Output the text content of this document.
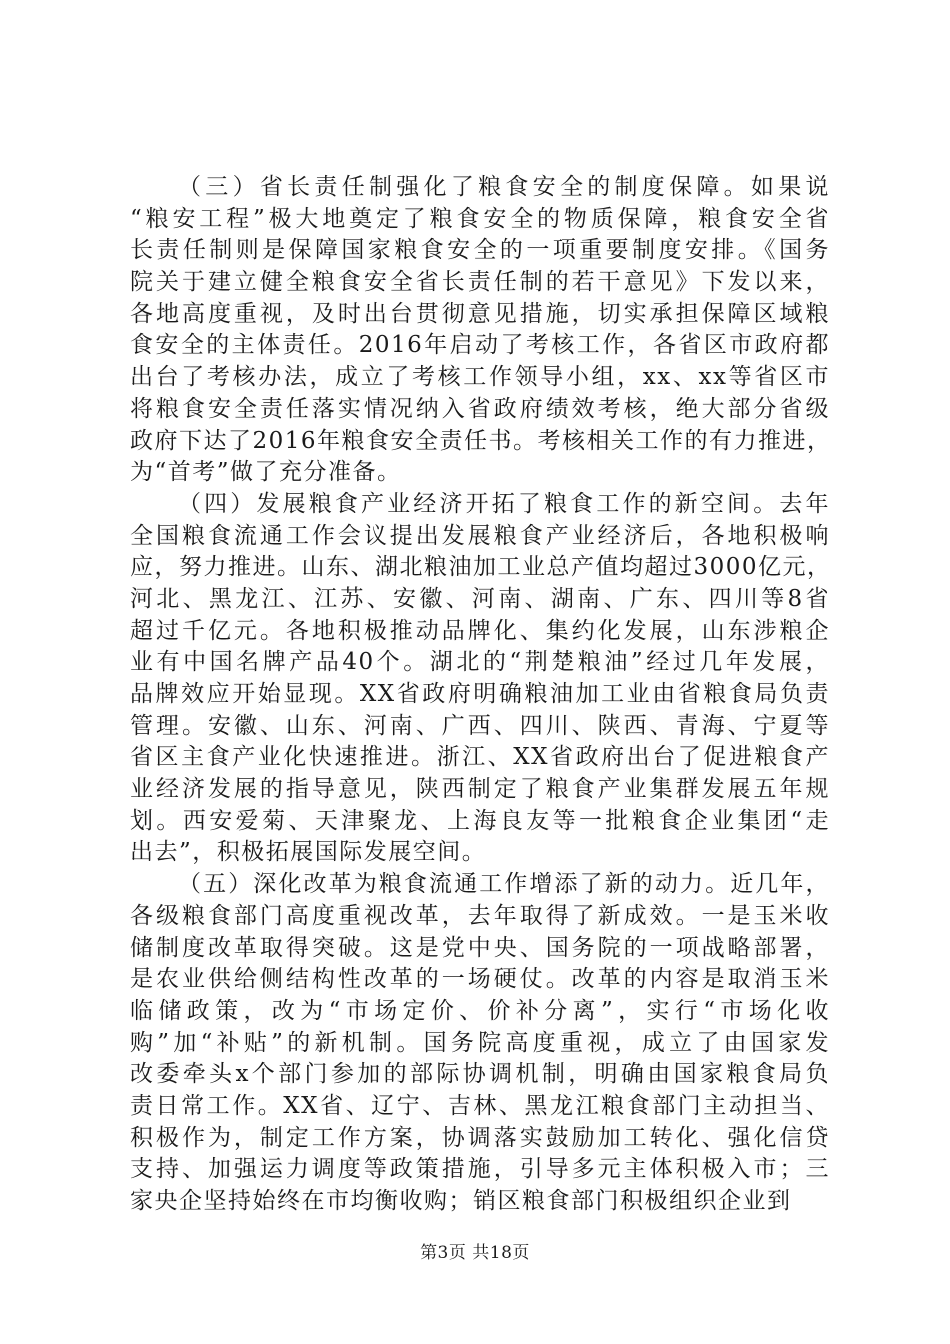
（三）省长责任制强化了粮食安全的制度保障。如果说
“粮安工程”极大地奠定了粮食安全的物质保障，粮食安全省
长责任制则是保障国家粮食安全的一项重要制度安排。《国务
院关于建立健全粮食安全省长责任制的若干意见》下发以来，
各地高度重视，及时出台贯彻意见措施，切实承担保障区域粮
食安全的主体责任。2016年启动了考核工作，各省区市政府都
出台了考核办法，成立了考核工作领导小组，xx、xx等省区市
将粮食安全责任落实情况纳入省政府绩效考核，绝大部分省级
政府下达了2016年粮食安全责任书。考核相关工作的有力推进，
为“首考”做了充分准备。
（四）发展粮食产业经济开拓了粮食工作的新空间。去年
全国粮食流通工作会议提出发展粮食产业经济后，各地积极响
应，努力推进。山东、湖北粮油加工业总产值均超过3000亿元，
河北、黑龙江、江苏、安徽、河南、湖南、广东、四川等8省
超过千亿元。各地积极推动品牌化、集约化发展，山东涉粮企
业有中国名牌产品40个。湖北的“荆楚粮油”经过几年发展，
品牌效应开始显现。XX省政府明确粮油加工业由省粮食局负责
管理。安徽、山东、河南、广西、四川、陕西、青海、宁夏等
省区主食产业化快速推进。浙江、XX省政府出台了促进粮食产
业经济发展的指导意见，陕西制定了粮食产业集群发展五年规
划。西安爱菊、天津聚龙、上海良友等一批粮食企业集团“走
出去”，积极拓展国际发展空间。
（五）深化改革为粮食流通工作增添了新的动力。近几年，
各级粮食部门高度重视改革，去年取得了新成效。一是玉米收
储制度改革取得突破。这是党中央、国务院的一项战略部署，
是农业供给侧结构性改革的一场硬仗。改革的内容是取消玉米
临储政策，改为“市场定价、价补分离”，实行“市场化收
购”加“补贴”的新机制。国务院高度重视，成立了由国家发
改委牵头x个部门参加的部际协调机制，明确由国家粮食局负
责日常工作。XX省、辽宁、吉林、黑龙江粮食部门主动担当、
积极作为，制定工作方案，协调落实鼓励加工转化、强化信贷
支持、加强运力调度等政策措施，引导多元主体积极入市；三
家央企坚持始终在市均衡收购；销区粮食部门积极组织企业到
第3页 共18页
